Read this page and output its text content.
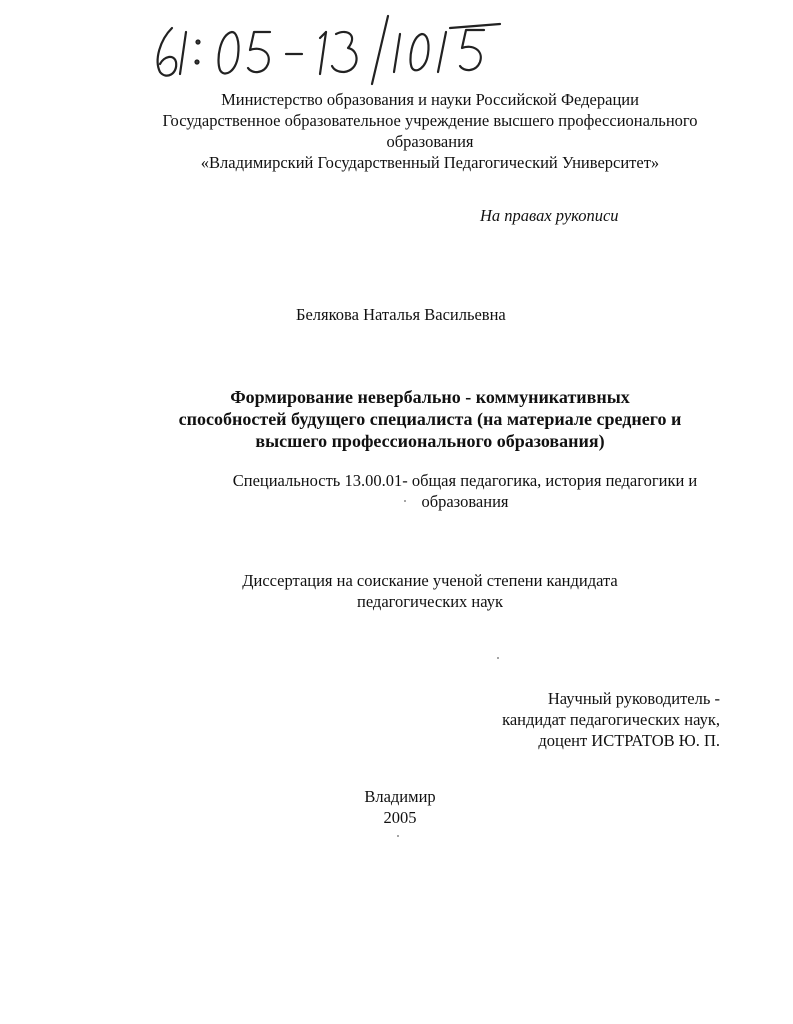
Министерство образования и науки Российской Федерации
Государственное образовательное учреждение высшего профессионального
образования
«Владимирский Государственный Педагогический Университет»
На правах рукописи
Белякова Наталья Васильевна
Формирование невербально - коммуникативных
способностей будущего специалиста (на материале среднего и
высшего профессионального образования)
Специальность 13.00.01- общая педагогика, история педагогики и
образования
Диссертация на соискание ученой степени кандидата
педагогических наук
Научный руководитель -
кандидат педагогических наук,
доцент ИСТРАТОВ Ю. П.
Владимир
2005
